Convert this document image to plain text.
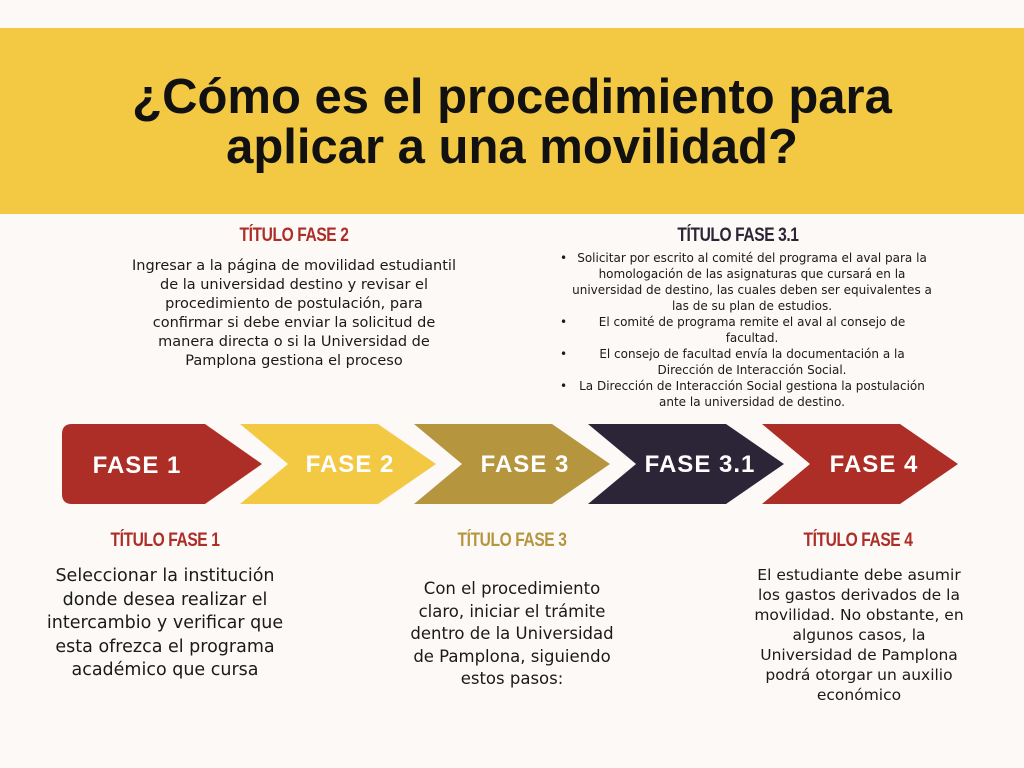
¿Cómo es el procedimiento para
aplicar a una movilidad?
TÍTULO FASE 2

Ingresar a la página de movilidad estudiantil de la universidad destino y revisar el procedimiento de postulación, para confirmar si debe enviar la solicitud de manera directa o si la Universidad de Pamplona gestiona el proceso

TÍTULO FASE 3.1
• Solicitar por escrito al comité del programa el aval para la homologación de las asignaturas que cursará en la universidad de destino, las cuales deben ser equivalentes a las de su plan de estudios.
• El comité de programa remite el aval al consejo de facultad.
• El consejo de facultad envía la documentación a la Dirección de Interacción Social.
• La Dirección de Interacción Social gestiona la postulación ante la universidad de destino.
FASE 1	FASE 2	FASE 3	FASE 3.1	FASE 4
TÍTULO FASE 1

Seleccionar la institución donde desea realizar el intercambio y verificar que esta ofrezca el programa académico que cursa

TÍTULO FASE 3

Con el procedimiento claro, iniciar el trámite dentro de la Universidad de Pamplona, siguiendo estos pasos:

TÍTULO FASE 4

El estudiante debe asumir los gastos derivados de la movilidad. No obstante, en algunos casos, la Universidad de Pamplona podrá otorgar un auxilio económico
